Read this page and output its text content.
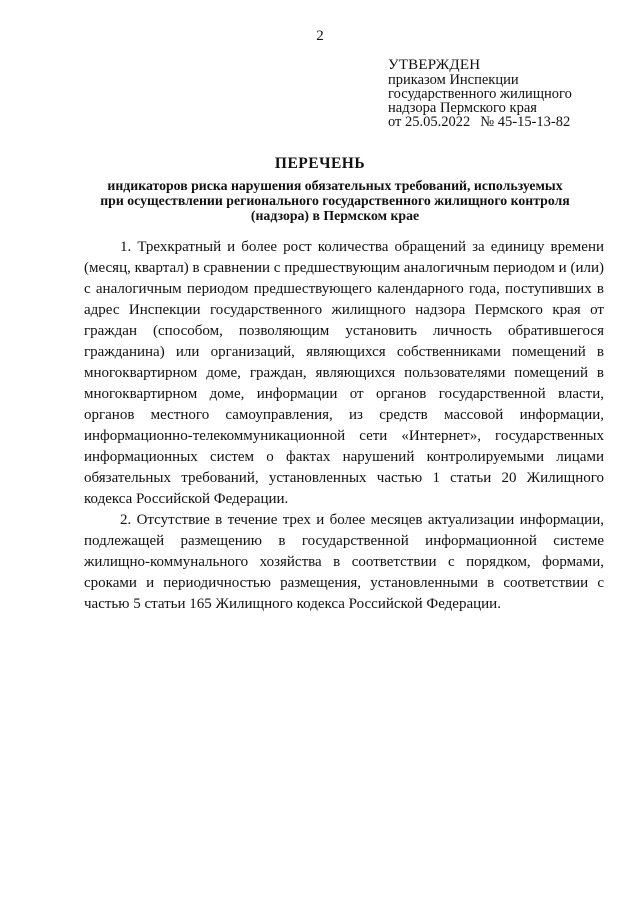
2
УТВЕРЖДЕН
приказом Инспекции
государственного жилищного
надзора Пермского края
от 25.05.2022 № 45-15-13-82
ПЕРЕЧЕНЬ
индикаторов риска нарушения обязательных требований, используемых
при осуществлении регионального государственного жилищного контроля
(надзора) в Пермском крае

1. Трехкратный и более рост количества обращений за единицу времени (месяц, квартал) в сравнении с предшествующим аналогичным периодом и (или) с аналогичным периодом предшествующего календарного года, поступивших в адрес Инспекции государственного жилищного надзора Пермского края от граждан (способом, позволяющим установить личность обратившегося гражданина) или организаций, являющихся собственниками помещений в многоквартирном доме, граждан, являющихся пользователями помещений в многоквартирном доме, информации от органов государственной власти, органов местного самоуправления, из средств массовой информации, информационно-телекоммуникационной сети «Интернет», государственных информационных систем о фактах нарушений контролируемыми лицами обязательных требований, установленных частью 1 статьи 20 Жилищного кодекса Российской Федерации.

2. Отсутствие в течение трех и более месяцев актуализации информации, подлежащей размещению в государственной информационной системе жилищно-коммунального хозяйства в соответствии с порядком, формами, сроками и периодичностью размещения, установленными в соответствии с частью 5 статьи 165 Жилищного кодекса Российской Федерации.
